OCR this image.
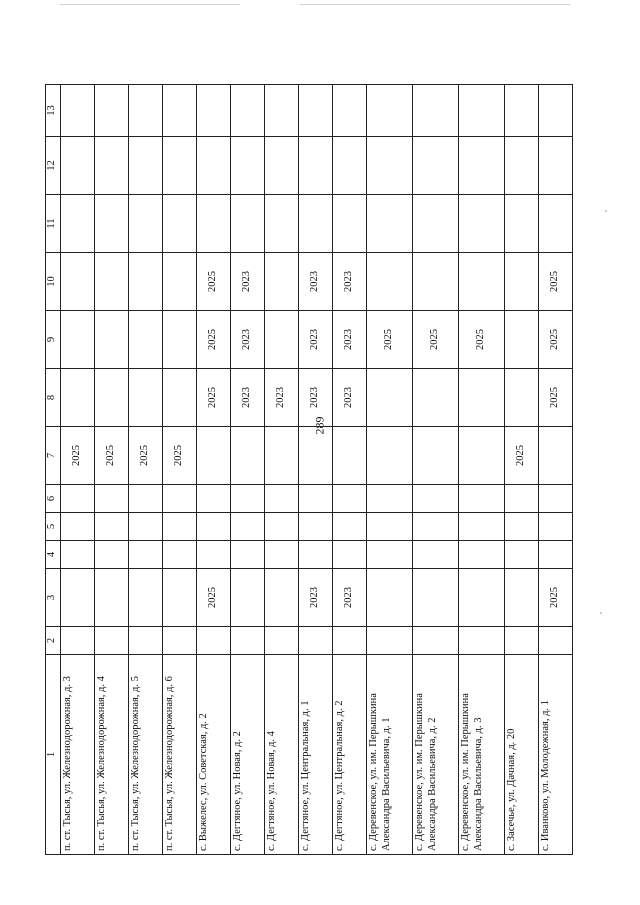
289
1	2	3	4	5	6	7	8	9	10	11	12	13
п. ст. Тысья, ул. Железнодорожная, д. 3						2025						
п. ст. Тысья, ул. Железнодорожная, д. 4						2025						
п. ст. Тысья, ул. Железнодорожная, д. 5						2025						
п. ст. Тысья, ул. Железнодорожная, д. 6						2025						
с. Выжелес, ул. Советская, д. 2		2025					2025	2025	2025			
с. Дегтяное, ул. Новая, д. 2							2023	2023	2023			
с. Дегтяное, ул. Новая, д. 4							2023					
с. Дегтяное, ул. Центральная, д. 1		2023					2023	2023	2023			
с. Дегтяное, ул. Центральная, д. 2		2023					2023	2023	2023			
с. Деревенское, ул. им. Перышкина Александра Васильевича, д. 1								2025				
с. Деревенское, ул. им. Перышкина Александра Васильевича, д. 2								2025				
с. Деревенское, ул. им. Перышкина Александра Васильевича, д. 3								2025				
с. Засечье, ул. Дачная, д. 20						2025						
с. Иванково, ул. Молодежная, д. 1		2025					2025	2025	2025			
